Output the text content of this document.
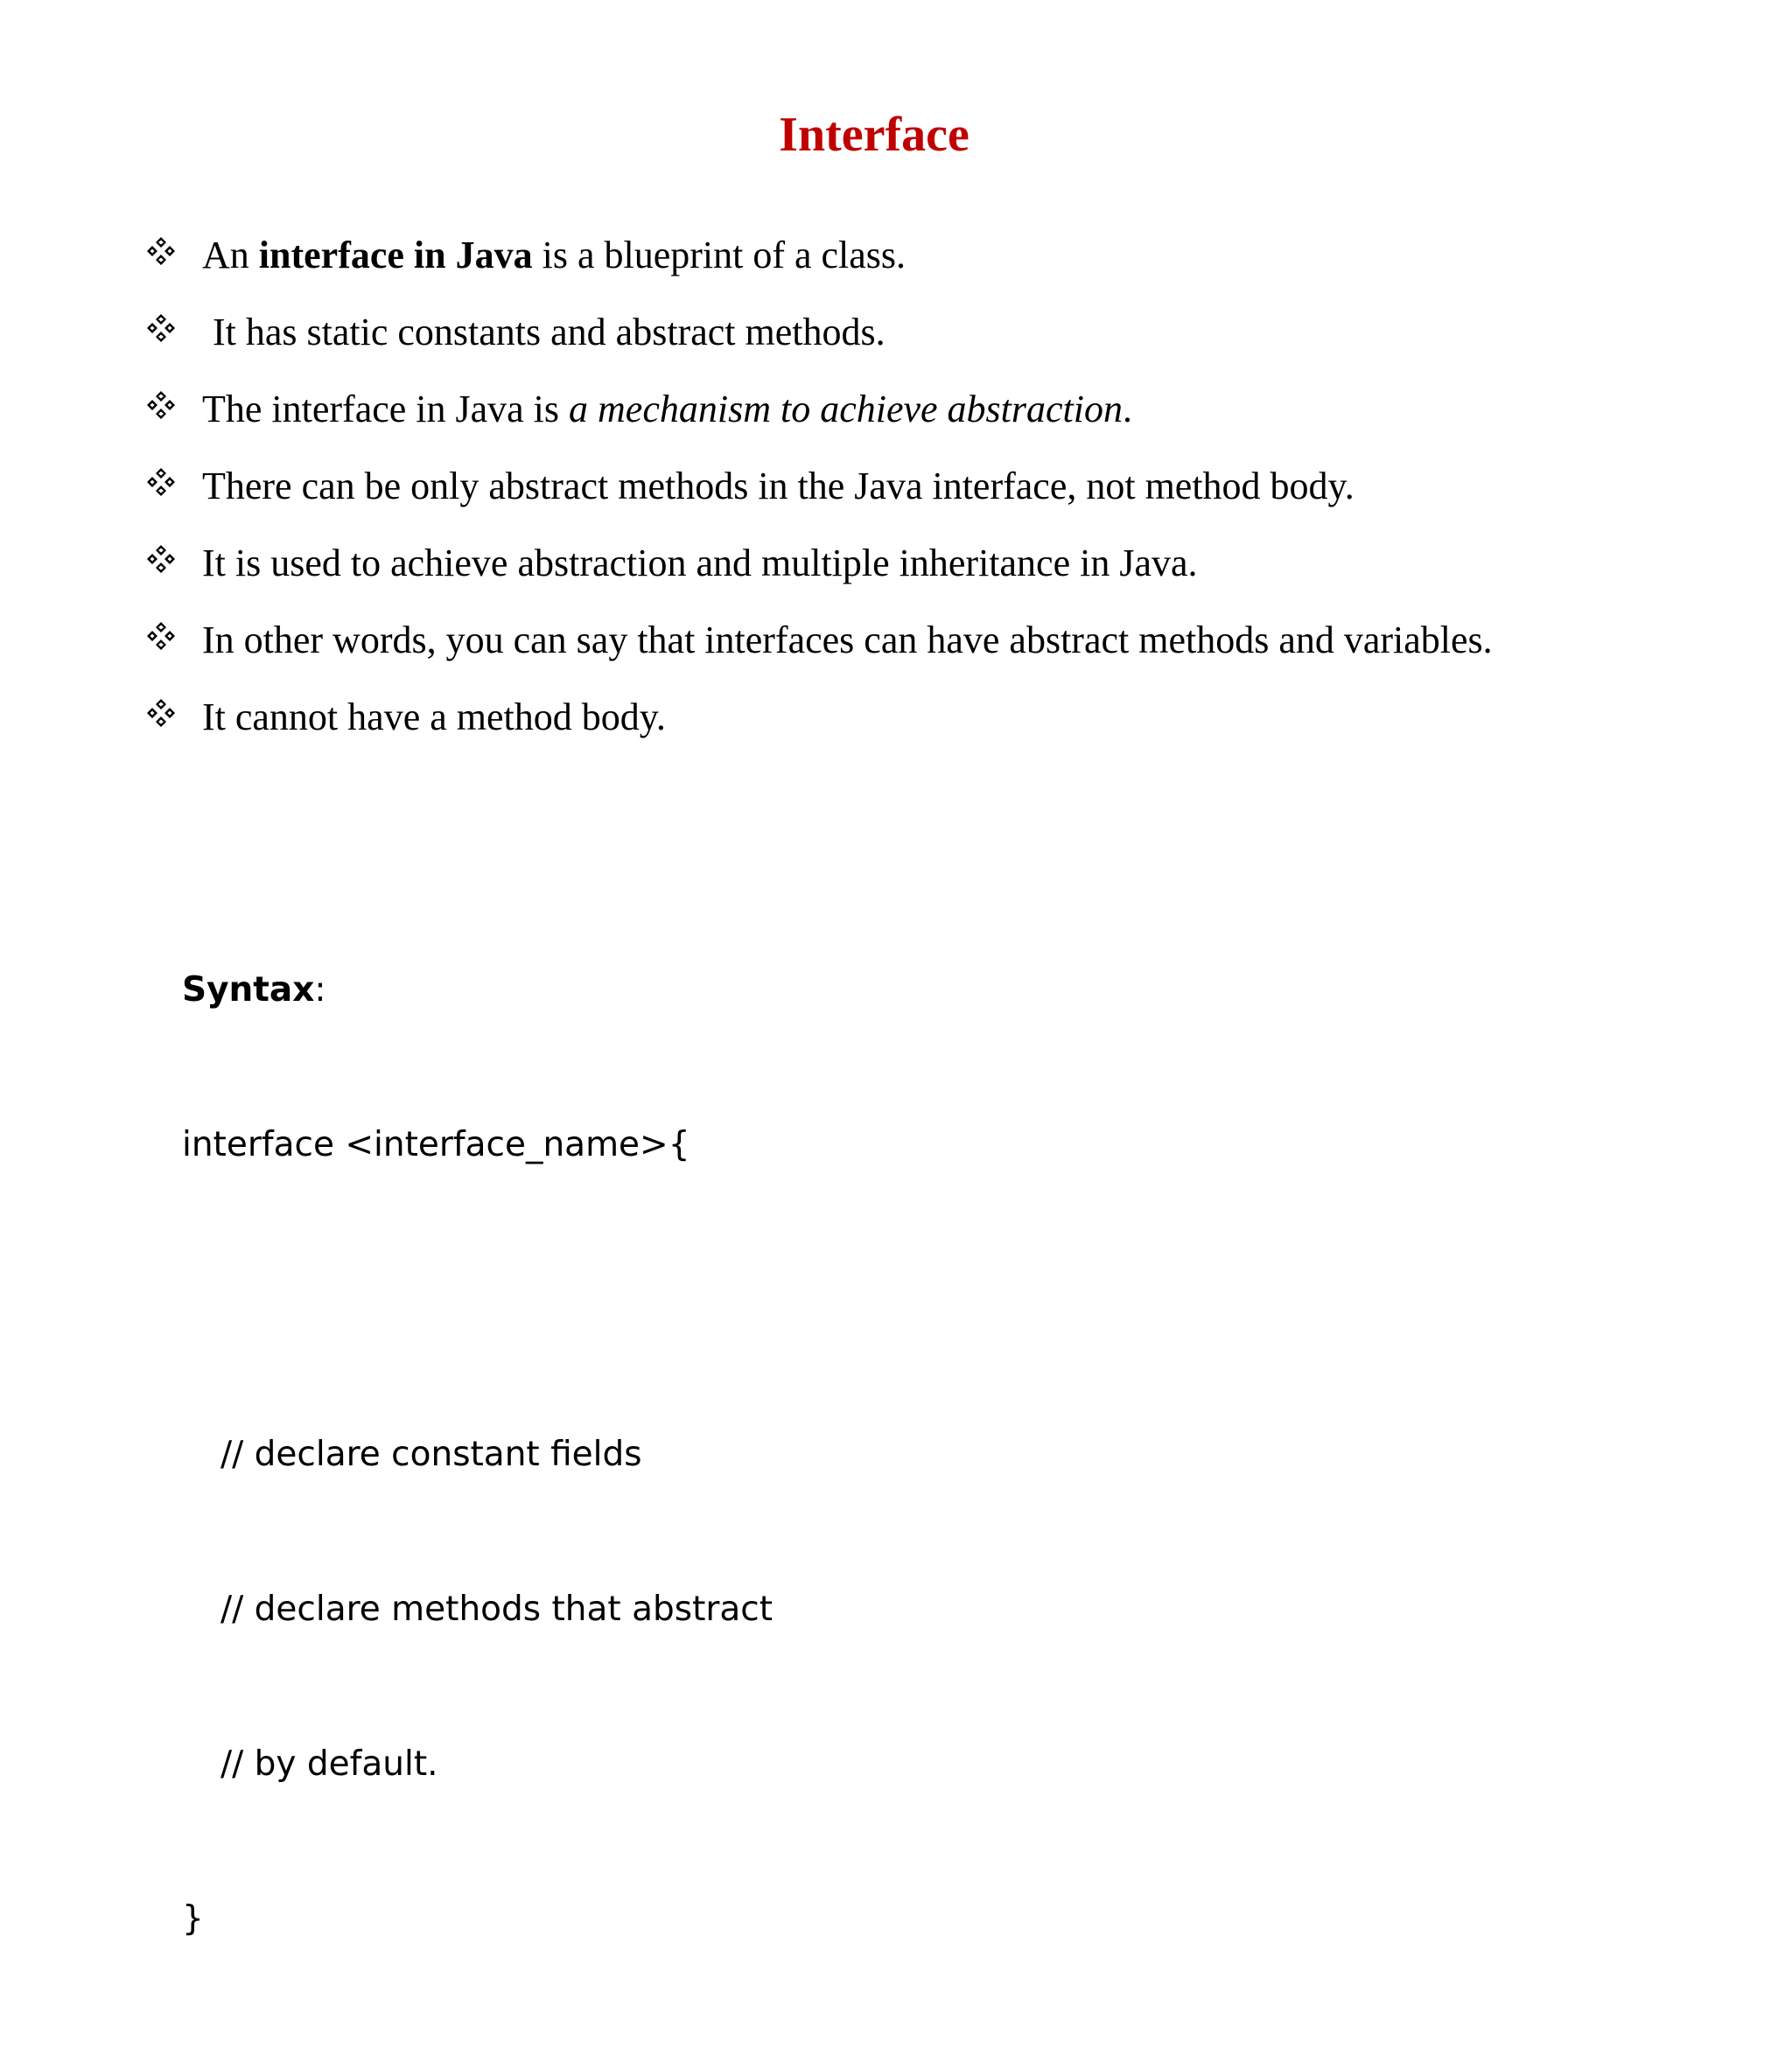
Interface
An interface in Java is a blueprint of a class.
It has static constants and abstract methods.
The interface in Java is a mechanism to achieve abstraction.
There can be only abstract methods in the Java interface, not method body.
It is used to achieve abstraction and multiple inheritance in Java.
In other words, you can say that interfaces can have abstract methods and variables.
It cannot have a method body.

Syntax:

interface <interface_name>{

// declare constant fields

// declare methods that abstract

// by default.

}
